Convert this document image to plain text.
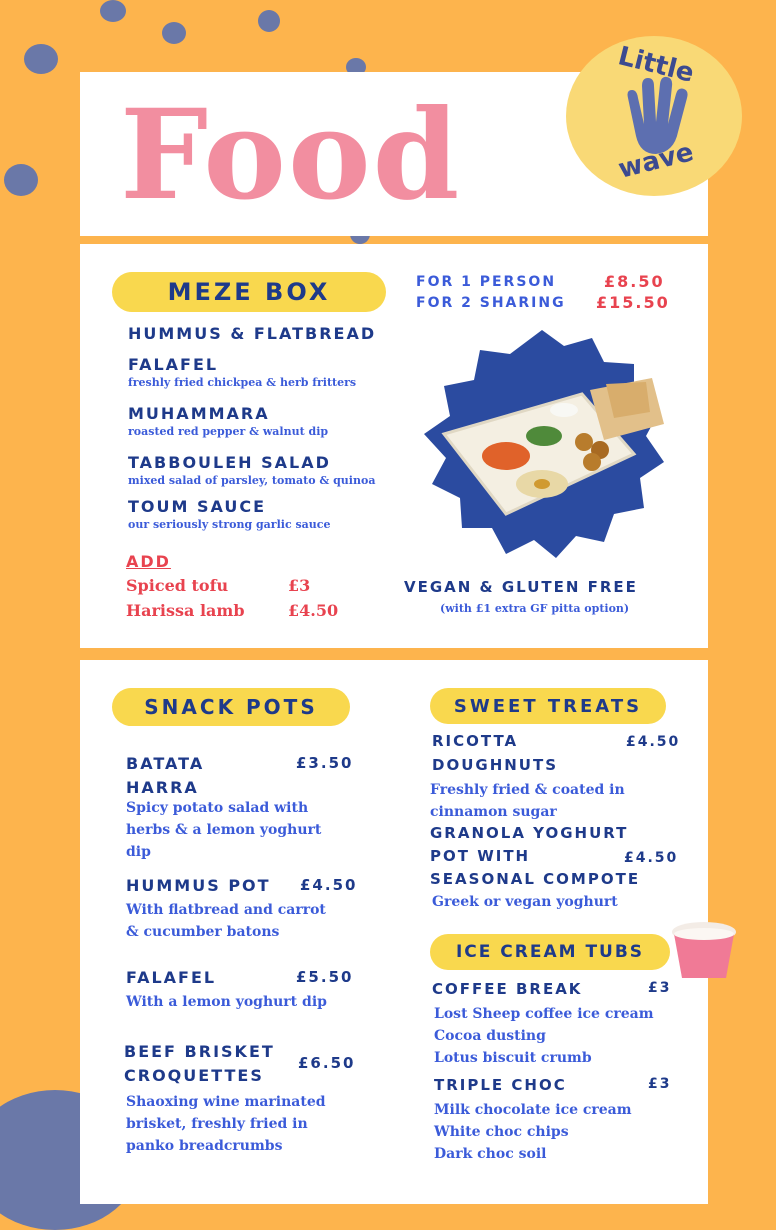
Food
Little
wave
MEZE BOX	FOR 1 PERSON	£8.50
FOR 2 SHARING £15.50
HUMMUS & FLATBREAD
FALAFEL
freshly fried chickpea & herb fritters
MUHAMMARA
roasted red pepper & walnut dip
TABBOULEH SALAD
mixed salad of parsley, tomato & quinoa
TOUM SAUCE
our seriously strong garlic sauce
ADD
Spiced tofu	£3
Harissa lamb	£4.50
VEGAN & GLUTEN FREE
(with £1 extra GF pitta option)
SNACK POTS
BATATA
HARRA
£3.50
Spicy potato salad with
herbs & a lemon yoghurt
dip
HUMMUS POT £4.50
With flatbread and carrot
& cucumber batons
FALAFEL	£5.50
With a lemon yoghurt dip
BEEF BRISKET
CROQUETTES
£6.50
Shaoxing wine marinated
brisket, freshly fried in
panko breadcrumbs
SWEET TREATS
RICOTTA
DOUGHNUTS
£4.50
Freshly fried & coated in
cinnamon sugar
GRANOLA YOGHURT
POT WITH
SEASONAL COMPOTE
£4.50
Greek or vegan yoghurt
ICE CREAM TUBS
COFFEE BREAK	£3
Lost Sheep coffee ice cream
Cocoa dusting
Lotus biscuit crumb
TRIPLE CHOC	£3
Milk chocolate ice cream
White choc chips
Dark choc soil
